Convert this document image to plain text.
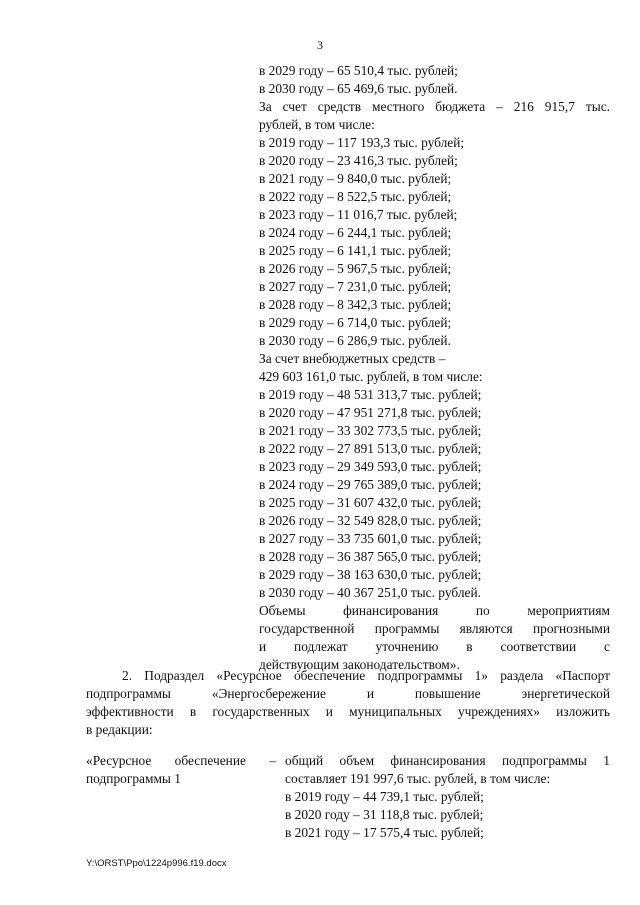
3
в 2029 году – 65 510,4 тыс. рублей;
в 2030 году – 65 469,6 тыс. рублей.
За счет средств местного бюджета – 216 915,7 тыс.
рублей, в том числе:
в 2019 году – 117 193,3 тыс. рублей;
в 2020 году – 23 416,3 тыс. рублей;
в 2021 году – 9 840,0 тыс. рублей;
в 2022 году – 8 522,5 тыс. рублей;
в 2023 году – 11 016,7 тыс. рублей;
в 2024 году – 6 244,1 тыс. рублей;
в 2025 году – 6 141,1 тыс. рублей;
в 2026 году – 5 967,5 тыс. рублей;
в 2027 году – 7 231,0 тыс. рублей;
в 2028 году – 8 342,3 тыс. рублей;
в 2029 году – 6 714,0 тыс. рублей;
в 2030 году – 6 286,9 тыс. рублей.
За счет внебюджетных средств –
429 603 161,0 тыс. рублей, в том числе:
в 2019 году – 48 531 313,7 тыс. рублей;
в 2020 году – 47 951 271,8 тыс. рублей;
в 2021 году – 33 302 773,5 тыс. рублей;
в 2022 году – 27 891 513,0 тыс. рублей;
в 2023 году – 29 349 593,0 тыс. рублей;
в 2024 году – 29 765 389,0 тыс. рублей;
в 2025 году – 31 607 432,0 тыс. рублей;
в 2026 году – 32 549 828,0 тыс. рублей;
в 2027 году – 33 735 601,0 тыс. рублей;
в 2028 году – 36 387 565,0 тыс. рублей;
в 2029 году – 38 163 630,0 тыс. рублей;
в 2030 году – 40 367 251,0 тыс. рублей.
Объемы финансирования по мероприятиям
государственной программы являются прогнозными
и подлежат уточнению в соответствии с
действующим законодательством».
2. Подраздел «Ресурсное обеспечение подпрограммы 1» раздела «Паспорт
подпрограммы «Энергосбережение и повышение энергетической
эффективности в государственных и муниципальных учреждениях» изложить
в редакции:
«Ресурсное обеспечение –
подпрограммы 1
общий объем финансирования подпрограммы 1
составляет 191 997,6 тыс. рублей, в том числе:
в 2019 году – 44 739,1 тыс. рублей;
в 2020 году – 31 118,8 тыс. рублей;
в 2021 году – 17 575,4 тыс. рублей;
Y:\ORST\Ppo\1224p996.f19.docx
